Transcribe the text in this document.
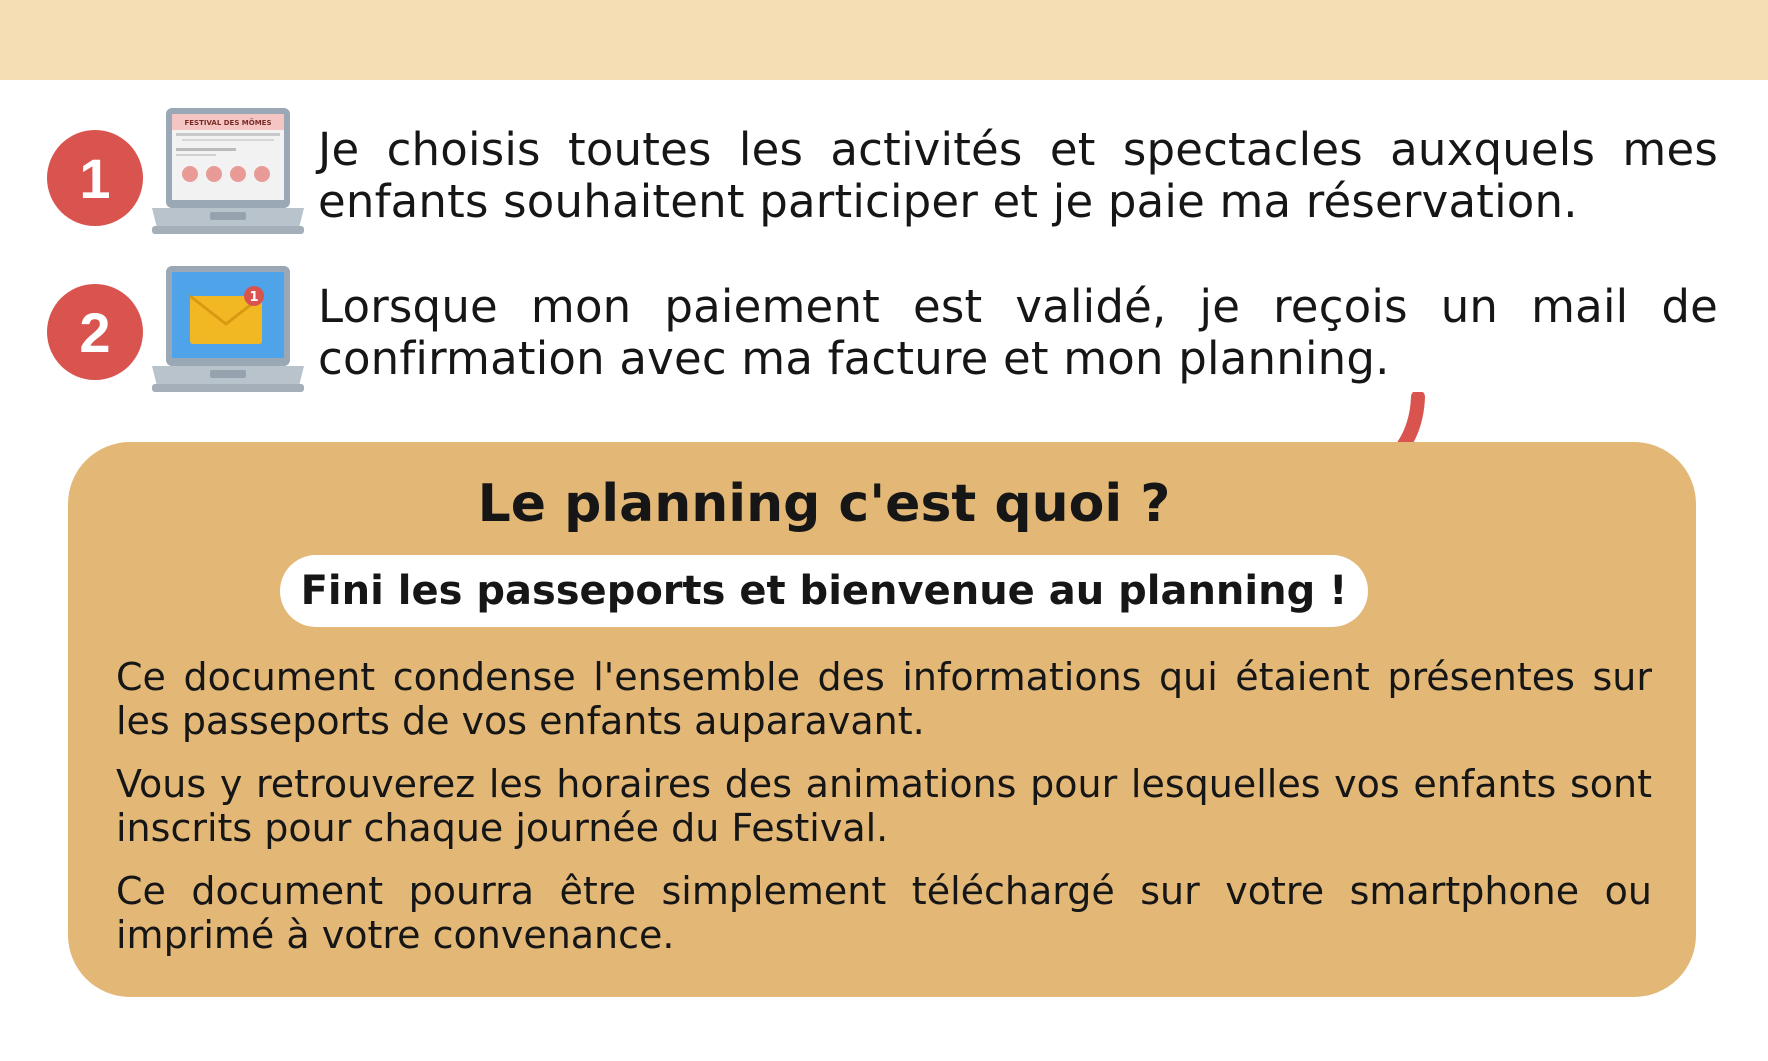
1
FESTIVAL DES MÔMES Je choisis toutes les activités et spectacles auxquels mes enfants souhaitent participer et je paie ma réservation.
2
1 Lorsque mon paiement est validé, je reçois un mail de confirmation avec ma facture et mon planning.
Le planning c'est quoi ?
Fini les passeports et bienvenue au planning !

Ce document condense l'ensemble des informations qui étaient présentes sur les passeports de vos enfants auparavant.

Vous y retrouverez les horaires des animations pour lesquelles vos enfants sont inscrits pour chaque journée du Festival.

Ce document pourra être simplement téléchargé sur votre smartphone ou imprimé à votre convenance.
